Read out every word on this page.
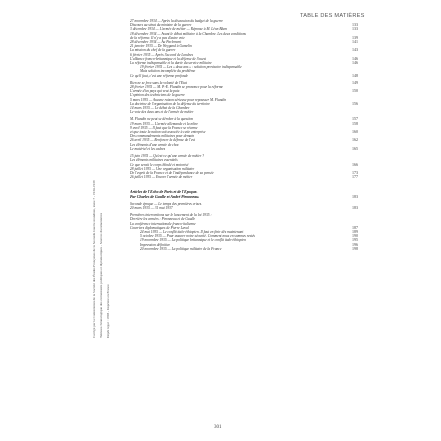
Corrigé par la Commission de la Société des Études Françaises de la Seconde Guerre mondiale, tome 7 - 1934-1939 Tableau chronologique des événements politiques et diplomatiques - Sources documentaires Dépôt légal : 1998 - Imprimé en France
TABLE DES MATIÈRES
27 novembre 1934 — Après la discussion du budget de la guerre
Discours au sénat du ministre de la guerre	133
3 décembre 1934 — L'armée de métier — Réponse à M. Léon Blum	133
18 décembre 1934 — Avant le débat militaire à la Chambre. Les deux conditions
de la réforme. Il n'y a pas d'autre voie	139
28 décembre 1934 — Au Parlement	141
21 janvier 1935 — De Weygand à Gamelin
La mission du chef de la guerre	143
6 février 1935 — Après l'accord de Londres
L'alliance franco-britannique et la défense de l'ouest	146
La réforme indispensable et la durée du service militaire	146
19 février 1935 — Les « deux ans » : solution provisoire indispensable
Mais solution incomplète du problème
Ce qu'il faut, c'est une réforme profonde	148
Rien ne se fera sans la volonté de l'État	149
28 février 1935 — M. P.-E. Flandin se prononce pour la réforme
L'armée d'un pays qui veut la paix	150
L'opinion des techniciens de la guerre
5 mars 1935 — Aucune raison sérieuse pour repousser M. Flandin
La doctrine de l'organisation de la défense du territoire	156
14 mars 1935 — Le débat de la Chambre
Le vote des deux ans et de l'armée de métier
M. Flandin ne peut se dérober à la question	157
19 mars 1935 — L'armée allemande et la nôtre	158
9 avril 1935 — Il faut que la France se réarme
et que toute la nation soit associée à cette entreprise	160
Des commandements militaires pour demain
26 avril 1935 — Renforcer la défense de l'est	162
Les éléments d'une armée de choc
Le matériel et les cadres	165
15 juin 1935 — Qu'est-ce qu'une armée de métier ?
Les éléments militaires essentiels
Ce que serait le corps blindé et motorisé	166
28 juillet 1935 — Une organisation militaire
De l'esprit de la France et de l'indépendance de sa pensée	173
26 juillet 1935 — Encore l'armée de métier	177
Articles de l'Écho de Paris et de l'Époque.
Par Charles de Gaulle et André Pironneau.	183
Seconde époque — Le temps des premières crises.
20 mars 1935 — 31 mai 1937	183
Premières interventions sur le lancement de la loi 1935 :
Derrière les armées : Pironneau et de Gaulle
La conférence internationale franco-italienne
Courriers diplomatiques de Pierre Laval	187
24 mai 1935 — Le conflit italo-éthiopien. Il faut en finir dès maintenant	189
5 octobre 1935 — Pour assurer notre sécurité. Comment nous en sommes restés	190
19 novembre 1935 — La politique britannique et le conflit italo-éthiopien	195
Impression définitive	196
20 novembre 1935 — La politique militaire de la France	198
301
